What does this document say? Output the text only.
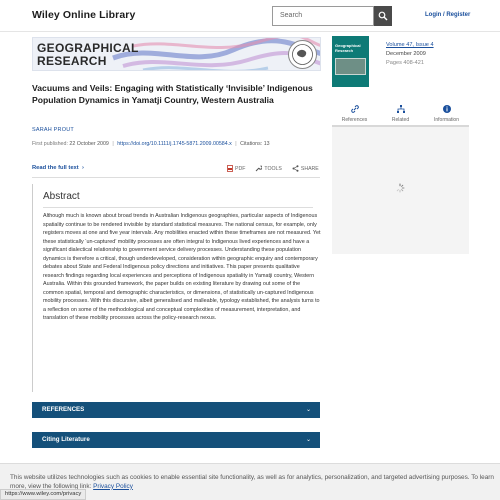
Wiley Online Library	Search	Login / Register
GEOGRAPHICAL
RESEARCH
Vacuums and Veils: Engaging with Statistically ‘Invisible’ Indigenous Population Dynamics in Yamatji Country, Western Australia
SARAH PROUT
First published: 22 October 2009 | https://doi.org/10.1111/j.1745-5871.2009.00584.x | Citations: 13
Read the full text  ›	PDF	TOOLS	SHARE
Abstract

Although much is known about broad trends in Australian Indigenous geographies, particular aspects of Indigenous spatiality continue to be rendered invisible by standard statistical measures. The national census, for example, only registers moves at one and five year intervals. Any mobilities enacted within these timeframes are not measured. Yet these statistically ‘un-captured’ mobility processes are often integral to Indigenous lived experiences and have a significant dialectical relationship to government service delivery processes. Understanding these population dynamics is therefore a critical, though underdeveloped, consideration within geographic enquiry and contemporary debates about State and Federal Indigenous policy directions and initiatives. This paper presents qualitative research findings regarding local experiences and perceptions of Indigenous spatiality in Yamatji country, Western Australia. Within this grounded framework, the paper builds on existing literature by drawing out some of the common spatial, temporal and demographic characteristics, or dimensions, of statistically un-captured Indigenous mobility processes. With this discursive, albeit generalised and malleable, typology established, the analysis turns to a reflection on some of the methodological and conceptual complexities of measurement, interpretation, and translation of these mobility processes across the policy-research nexus.

REFERENCES	⌄
Citing Literature	⌄
Geographical
Research
Volume 47, Issue 4
December 2009
Pages 408-421
References	Related	Information
This website utilizes technologies such as cookies to enable essential site functionality, as well as for analytics, personalization, and targeted advertising purposes. To learn more, view the following link: Privacy Policy
https://www.wiley.com/privacy
